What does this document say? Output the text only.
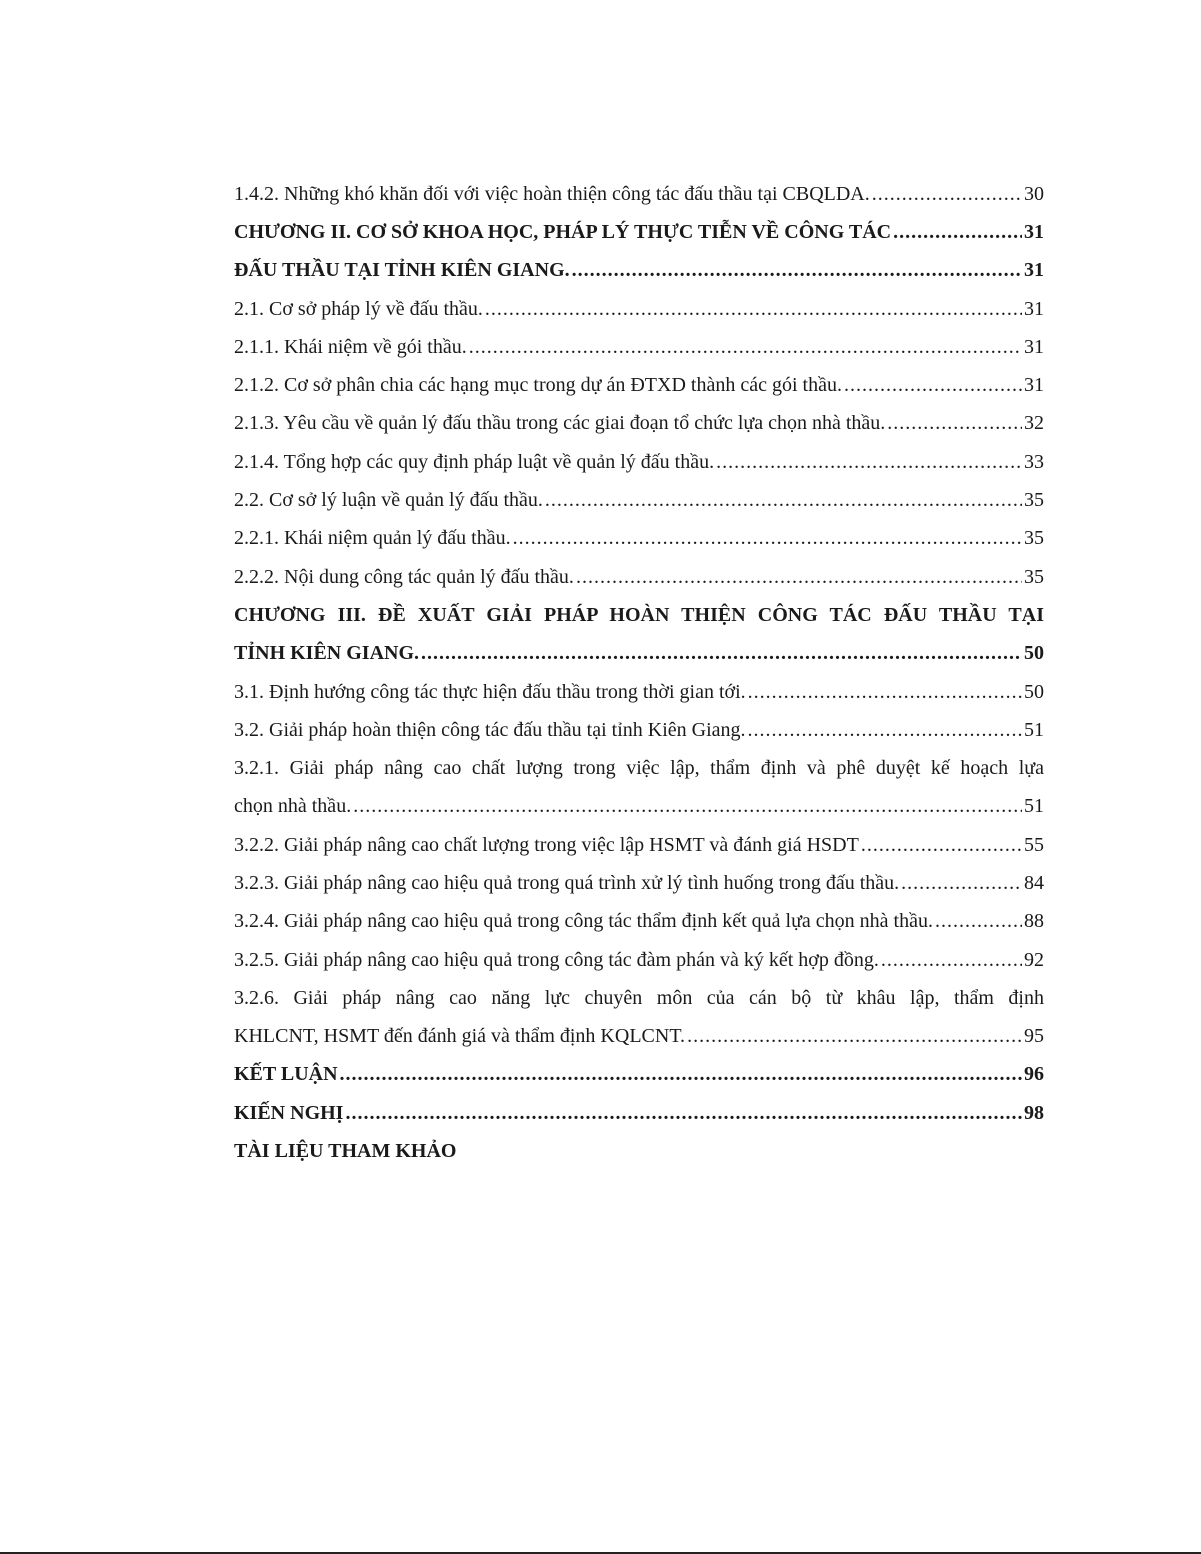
1.4.2. Những khó khăn đối với việc hoàn thiện công tác đấu thầu tại CBQLDA. .....	30
CHƯƠNG II. CƠ SỞ KHOA HỌC, PHÁP LÝ THỰC TIỄN VỀ CÔNG TÁC .....	31
ĐẤU THẦU TẠI TỈNH KIÊN GIANG. .....	31
2.1. Cơ sở pháp lý về đấu thầu. .....	31
2.1.1. Khái niệm về gói thầu. .....	31
2.1.2. Cơ sở phân chia các hạng mục trong dự án ĐTXD thành các gói thầu. .....	31
2.1.3. Yêu cầu về quản lý đấu thầu trong các giai đoạn tổ chức lựa chọn nhà thầu. .....	32
2.1.4. Tổng hợp các quy định pháp luật về quản lý đấu thầu. .....	33
2.2. Cơ sở lý luận về quản lý đấu thầu. .....	35
2.2.1. Khái niệm quản lý đấu thầu. .....	35
2.2.2. Nội dung công tác quản lý đấu thầu. .....	35
CHƯƠNG III. ĐỀ XUẤT GIẢI PHÁP HOÀN THIỆN CÔNG TÁC ĐẤU THẦU TẠI
TỈNH KIÊN GIANG. .....	50
3.1. Định hướng công tác thực hiện đấu thầu trong thời gian tới. .....	50
3.2. Giải pháp hoàn thiện công tác đấu thầu tại tỉnh Kiên Giang. .....	51
3.2.1. Giải pháp nâng cao chất lượng trong việc lập, thẩm định và phê duyệt kế hoạch lựa
chọn nhà thầu. .....	51
3.2.2. Giải pháp nâng cao chất lượng trong việc lập HSMT và đánh giá HSDT .....	55
3.2.3. Giải pháp nâng cao hiệu quả trong quá trình xử lý tình huống trong đấu thầu. .....	84
3.2.4. Giải pháp nâng cao hiệu quả trong công tác thẩm định kết quả lựa chọn nhà thầu. .....	88
3.2.5. Giải pháp nâng cao hiệu quả trong công tác đàm phán và ký kết hợp đồng. .....	92
3.2.6. Giải pháp nâng cao năng lực chuyên môn của cán bộ từ khâu lập, thẩm định
KHLCNT, HSMT đến đánh giá và thẩm định KQLCNT. .....	95
KẾT LUẬN .....	96
KIẾN NGHỊ .....	98
TÀI LIỆU THAM KHẢO
